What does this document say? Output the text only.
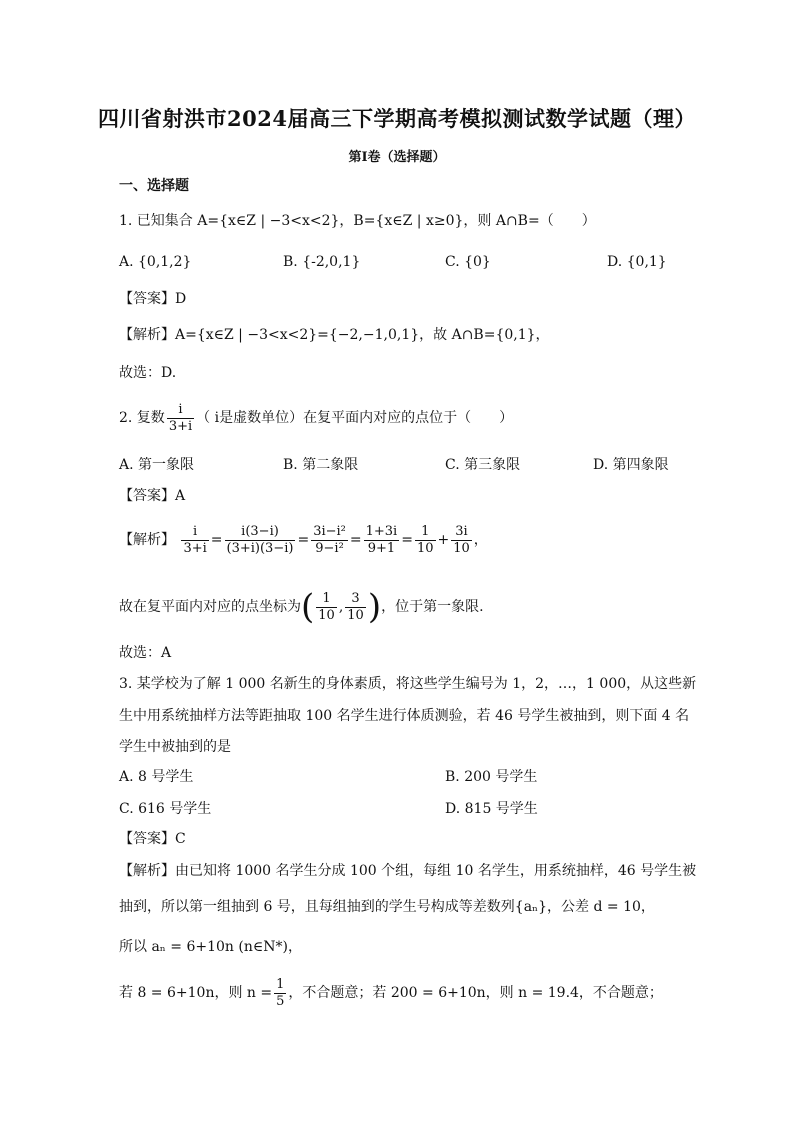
四川省射洪市2024届高三下学期高考模拟测试数学试题（理）
第I卷（选择题）
一、选择题
1. 已知集合 A={x∈Z | −3<x<2}，B={x∈Z | x≥0}，则 A∩B=（　　）
A. {0,1,2}	B. {-2,0,1}	C. {0}	D. {0,1}
【答案】D
【解析】A={x∈Z | −3<x<2}={−2,−1,0,1}，故 A∩B={0,1}，
故选：D.
2. 复数 $\frac{i}{3+i}$ （ i是虚数单位）在复平面内对应的点位于（　　）
A. 第一象限	B. 第二象限	C. 第三象限	D. 第四象限
【答案】A
【解析】 $\frac{i}{3+i} = \frac{i(3-i)}{(3+i)(3-i)} = \frac{\text{3i−i²}}{\text{9−i²}} = \frac{1+3i}{9+1} = \frac{1}{10} + \frac{3i}{10}$ ，
故在复平面内对应的点坐标为( $\frac{1}{10}$ , $\frac{3}{10}$ )，位于第一象限.
故选：A
3. 某学校为了解 1 000 名新生的身体素质，将这些学生编号为 1，2，…，1 000，从这些新
生中用系统抽样方法等距抽取 100 名学生进行体质测验，若 46 号学生被抽到，则下面 4 名
学生中被抽到的是
A. 8 号学生	B. 200 号学生
C. 616 号学生	D. 815 号学生
【答案】C
【解析】由已知将 1000 名学生分成 100 个组，每组 10 名学生，用系统抽样，46 号学生被
抽到，所以第一组抽到 6 号，且每组抽到的学生号构成等差数列{aₙ}，公差 d = 10，
所以 aₙ = 6+10n (n∈N*)，
若 8 = 6+10n，则 $n = \frac{1}{5}$ ，不合题意；若 200 = 6+10n，则 n = 19.4，不合题意；
